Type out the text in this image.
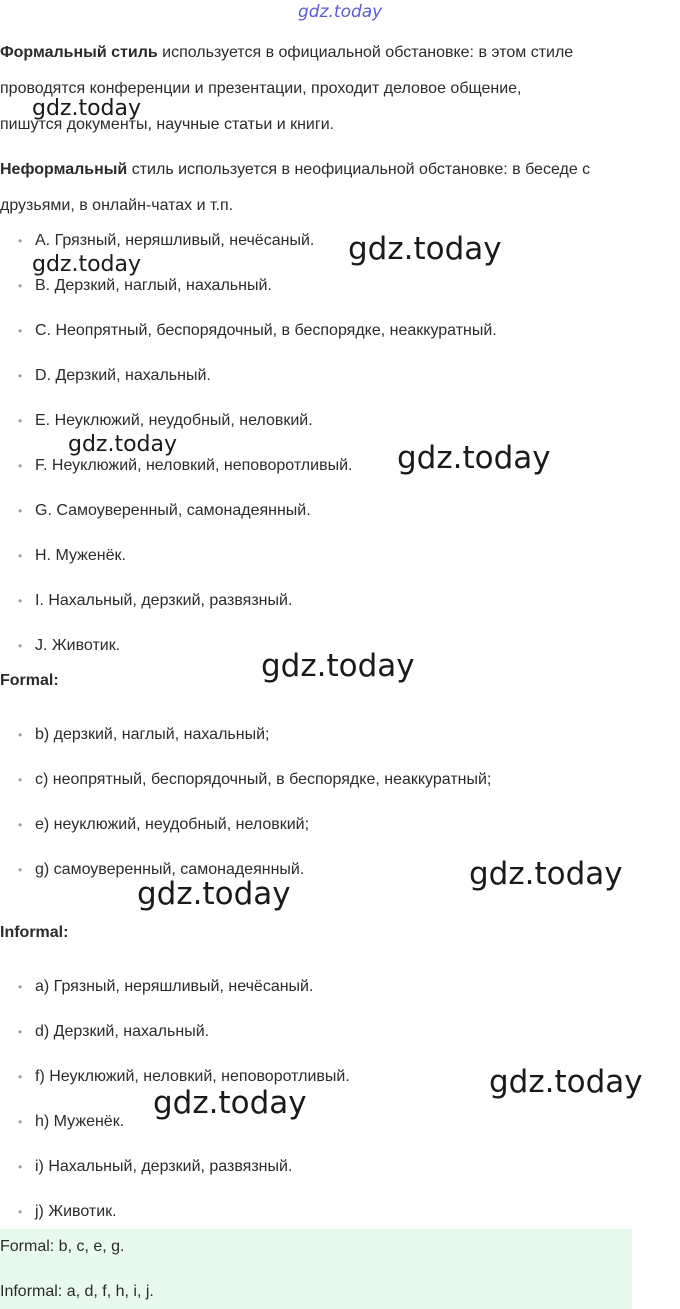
gdz.today

Формальный стиль используется в официальной обстановке: в этом стиле
проводятся конференции и презентации, проходит деловое общение,
пишутся документы, научные статьи и книги.

Неформальный стиль используется в неофициальной обстановке: в беседе с
друзьями, в онлайн-чатах и т.п.

• A. Грязный, неряшливый, нечёсаный.
• B. Дерзкий, наглый, нахальный.
• C. Неопрятный, беспорядочный, в беспорядке, неаккуратный.
• D. Дерзкий, нахальный.
• E. Неуклюжий, неудобный, неловкий.
• F. Неуклюжий, неловкий, неповоротливый.
• G. Самоуверенный, самонадеянный.
• H. Муженёк.
• I. Нахальный, дерзкий, развязный.
• J. Животик.
Formal:
• b) дерзкий, наглый, нахальный;
• c) неопрятный, беспорядочный, в беспорядке, неаккуратный;
• e) неуклюжий, неудобный, неловкий;
• g) самоуверенный, самонадеянный.
Informal:
• a) Грязный, неряшливый, нечёсаный.
• d) Дерзкий, нахальный.
• f) Неуклюжий, неловкий, неповоротливый.
• h) Муженёк.
• i) Нахальный, дерзкий, развязный.
• j) Животик.
Formal: b, c, e, g.
Informal: a, d, f, h, i, j.
gdz.today
gdz.today
gdz.today
gdz.today	gdz.today
gdz.today
gdz.today
gdz.today
gdz.today
gdz.today
